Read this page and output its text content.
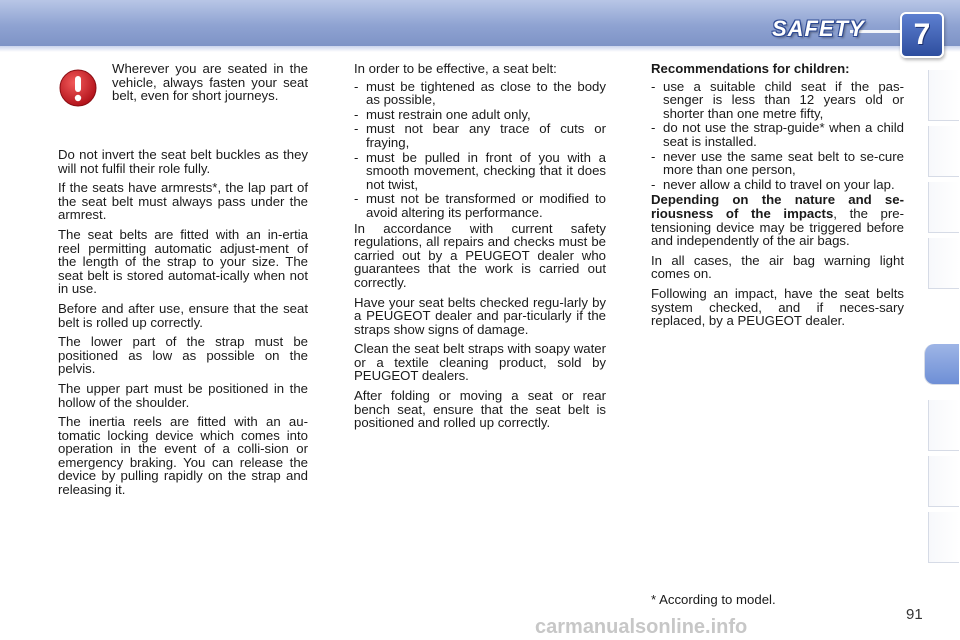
SAFETY	7
Wherever you are seated in the vehicle, always fasten your seat belt, even for short journeys.

Do not invert the seat belt buckles as they will not fulfil their role fully.

If the seats have armrests*, the lap part of the seat belt must always pass under the armrest.

The seat belts are fitted with an in-ertia reel permitting automatic adjust-ment of the length of the strap to your size. The seat belt is stored automat-ically when not in use.

Before and after use, ensure that the seat belt is rolled up correctly.

The lower part of the strap must be positioned as low as possible on the pelvis.

The upper part must be positioned in the hollow of the shoulder.

The inertia reels are fitted with an au-tomatic locking device which comes into operation in the event of a colli-sion or emergency braking. You can release the device by pulling rapidly on the strap and releasing it.

In order to be effective, a seat belt:

- must be tightened as close to the body as possible,
- must restrain one adult only,
- must not bear any trace of cuts or fraying,
- must be pulled in front of you with a smooth movement, checking that it does not twist,
- must not be transformed or modified to avoid altering its performance.

In accordance with current safety regulations, all repairs and checks must be carried out by a PEUGEOT dealer who guarantees that the work is carried out correctly.

Have your seat belts checked regu-larly by a PEUGEOT dealer and par-ticularly if the straps show signs of damage.

Clean the seat belt straps with soapy water or a textile cleaning product, sold by PEUGEOT dealers.

After folding or moving a seat or rear bench seat, ensure that the seat belt is positioned and rolled up correctly.

Recommendations for children:

- use a suitable child seat if the pas-senger is less than 12 years old or shorter than one metre fifty,
- do not use the strap-guide* when a child seat is installed.
- never use the same seat belt to se-cure more than one person,
- never allow a child to travel on your lap.

Depending on the nature and se-riousness of the impacts, the pre-tensioning device may be triggered before and independently of the air bags.

In all cases, the air bag warning light comes on.

Following an impact, have the seat belts system checked, and if neces-sary replaced, by a PEUGEOT dealer.

* According to model.
carmanualsonline.info
91
